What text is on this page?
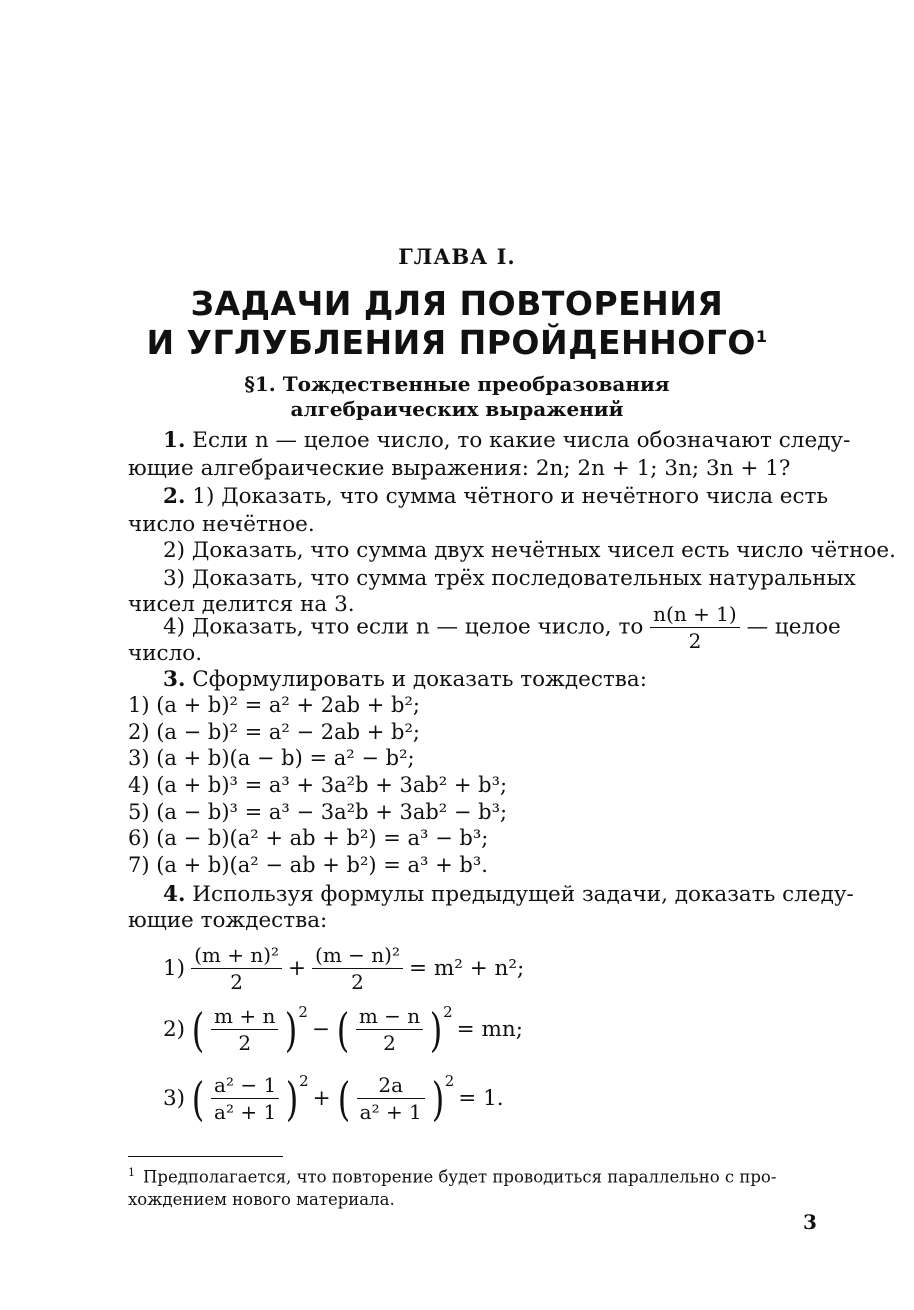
ГЛАВА I.
ЗАДАЧИ ДЛЯ ПОВТОРЕНИЯ
И УГЛУБЛЕНИЯ ПРОЙДЕННОГО$^1$
§1. Тождественные преобразования
алгебраических выражений
1. Если n — целое число, то какие числа обозначают следу-
ющие алгебраические выражения: 2n; 2n + 1; 3n; 3n + 1?
2. 1) Доказать, что сумма чётного и нечётного числа есть
число нечётное.
2) Доказать, что сумма двух нечётных чисел есть число чётное.
3) Доказать, что сумма трёх последовательных натуральных
чисел делится на 3.
4) Доказать, что если n — целое число, то $\frac{n(n + 1)}{2}$ — целое
число.
3. Сформулировать и доказать тождества:
1) (a + b)² = a² + 2ab + b²;
2) (a − b)² = a² − 2ab + b²;
3) (a + b)(a − b) = a² − b²;
4) (a + b)³ = a³ + 3a²b + 3ab² + b³;
5) (a − b)³ = a³ − 3a²b + 3ab² − b³;
6) (a − b)(a² + ab + b²) = a³ − b³;
7) (a + b)(a² − ab + b²) = a³ + b³.
4. Используя формулы предыдущей задачи, доказать следу-
ющие тождества:
$1) \frac{\text{(m + n)²}}{2} + \frac{\text{(m − n)²}}{2} = m^2 + n^2$;
2) ( $\frac{m + n}{2}$ ) 2
− ( $\frac{m - n}{2}$ ) 2
= mn;
3) ( $\frac{\text{a² − 1}}{\text{a² + 1}}$ ) 2
+ ( $\frac{2a}{\text{a² + 1}}$ ) 2
= 1.
$^1$ Предполагается, что повторение будет проводиться параллельно с про-
хождением нового материала.
3
